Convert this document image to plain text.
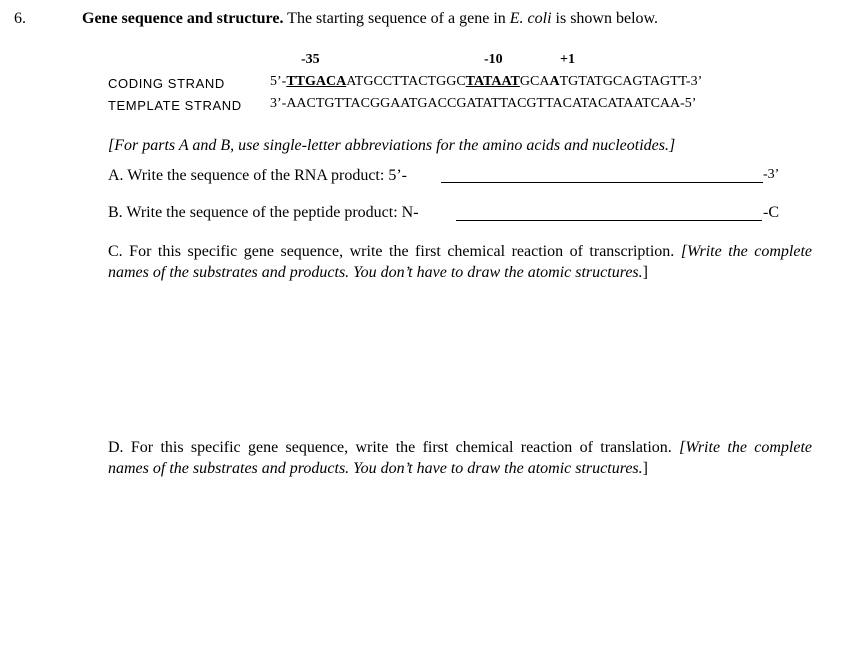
6.	Gene sequence and structure. The starting sequence of a gene in E. coli is shown below.
-35	-10	+1
CODING STRAND	5’-TTGACAATGCCTTACTGGCTATAATGCAATGTATGCAGTAGTT-3’
TEMPLATE STRAND 3’-AACTGTTACGGAATGACCGATATTACGTTACATACATAATCAA-5’
[For parts A and B, use single-letter abbreviations for the amino acids and nucleotides.]
A. Write the sequence of the RNA product: 5’-	-3’
B. Write the sequence of the peptide product: N-	-C
C. For this specific gene sequence, write the first chemical reaction of transcription. [Write the complete
names of the substrates and products. You don’t have to draw the atomic structures.]
D. For this specific gene sequence, write the first chemical reaction of translation. [Write the complete
names of the substrates and products. You don’t have to draw the atomic structures.]
